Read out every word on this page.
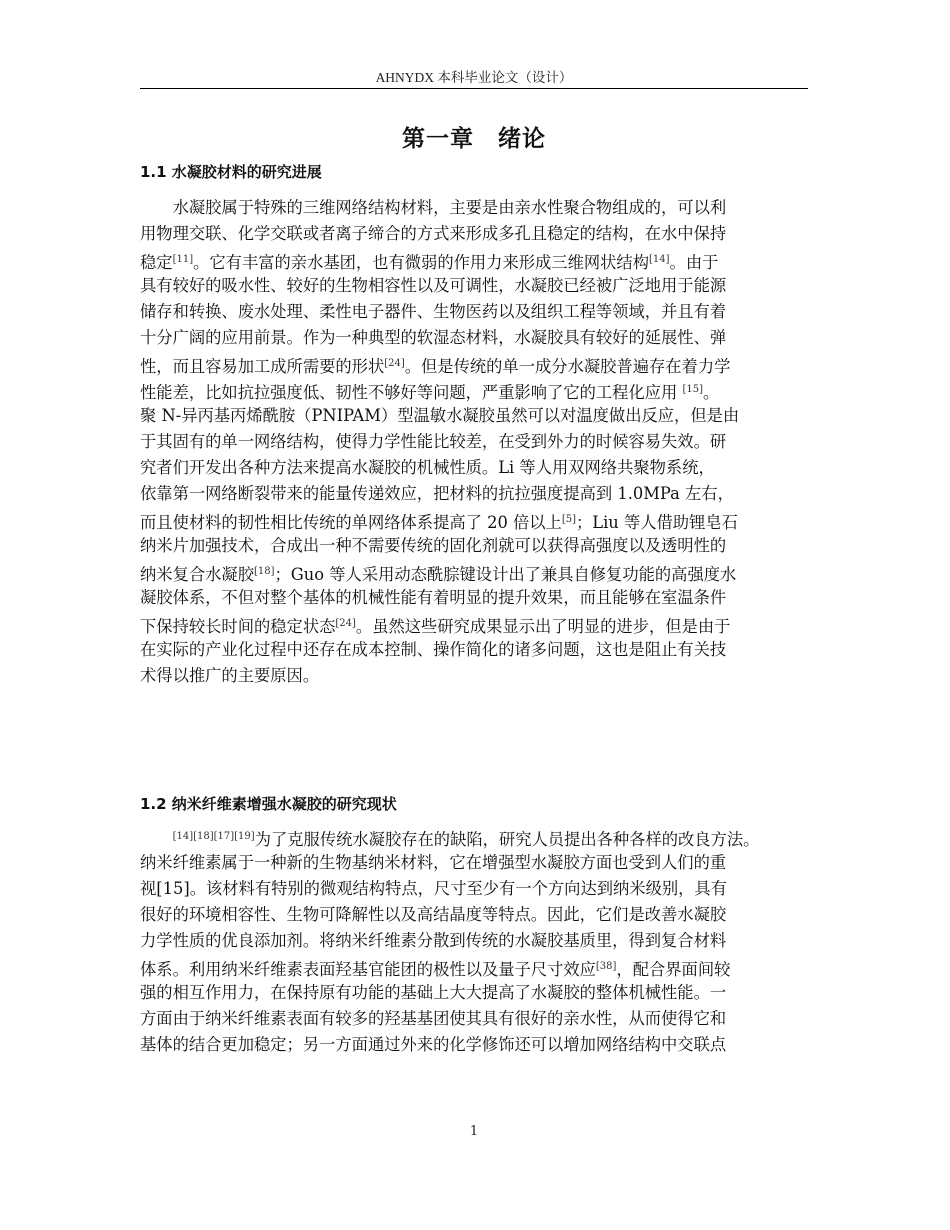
AHNYDX 本科毕业论文（设计）
第一章　绪论
1.1 水凝胶材料的研究进展
　　水凝胶属于特殊的三维网络结构材料，主要是由亲水性聚合物组成的，可以利
用物理交联、化学交联或者离子缔合的方式来形成多孔且稳定的结构，在水中保持
稳定[11]。它有丰富的亲水基团，也有微弱的作用力来形成三维网状结构[14]。由于
具有较好的吸水性、较好的生物相容性以及可调性，水凝胶已经被广泛地用于能源
储存和转换、废水处理、柔性电子器件、生物医药以及组织工程等领域，并且有着
十分广阔的应用前景。作为一种典型的软湿态材料，水凝胶具有较好的延展性、弹
性，而且容易加工成所需要的形状[24]。但是传统的单一成分水凝胶普遍存在着力学
性能差，比如抗拉强度低、韧性不够好等问题，严重影响了它的工程化应用 [15]。
聚 N-异丙基丙烯酰胺（PNIPAM）型温敏水凝胶虽然可以对温度做出反应，但是由
于其固有的单一网络结构，使得力学性能比较差，在受到外力的时候容易失效。研
究者们开发出各种方法来提高水凝胶的机械性质。Li 等人用双网络共聚物系统，
依靠第一网络断裂带来的能量传递效应，把材料的抗拉强度提高到 1.0MPa 左右，
而且使材料的韧性相比传统的单网络体系提高了 20 倍以上[5]；Liu 等人借助锂皂石
纳米片加强技术，合成出一种不需要传统的固化剂就可以获得高强度以及透明性的
纳米复合水凝胶[18]；Guo 等人采用动态酰腙键设计出了兼具自修复功能的高强度水
凝胶体系，不但对整个基体的机械性能有着明显的提升效果，而且能够在室温条件
下保持较长时间的稳定状态[24]。虽然这些研究成果显示出了明显的进步，但是由于
在实际的产业化过程中还存在成本控制、操作简化的诸多问题，这也是阻止有关技
术得以推广的主要原因。
1.2 纳米纤维素增强水凝胶的研究现状
　　[14][18][17][19]为了克服传统水凝胶存在的缺陷，研究人员提出各种各样的改良方法。
纳米纤维素属于一种新的生物基纳米材料，它在增强型水凝胶方面也受到人们的重
视[15]。该材料有特别的微观结构特点，尺寸至少有一个方向达到纳米级别，具有
很好的环境相容性、生物可降解性以及高结晶度等特点。因此，它们是改善水凝胶
力学性质的优良添加剂。将纳米纤维素分散到传统的水凝胶基质里，得到复合材料
体系。利用纳米纤维素表面羟基官能团的极性以及量子尺寸效应[38]，配合界面间较
强的相互作用力，在保持原有功能的基础上大大提高了水凝胶的整体机械性能。一
方面由于纳米纤维素表面有较多的羟基基团使其具有很好的亲水性，从而使得它和
基体的结合更加稳定；另一方面通过外来的化学修饰还可以增加网络结构中交联点
1
